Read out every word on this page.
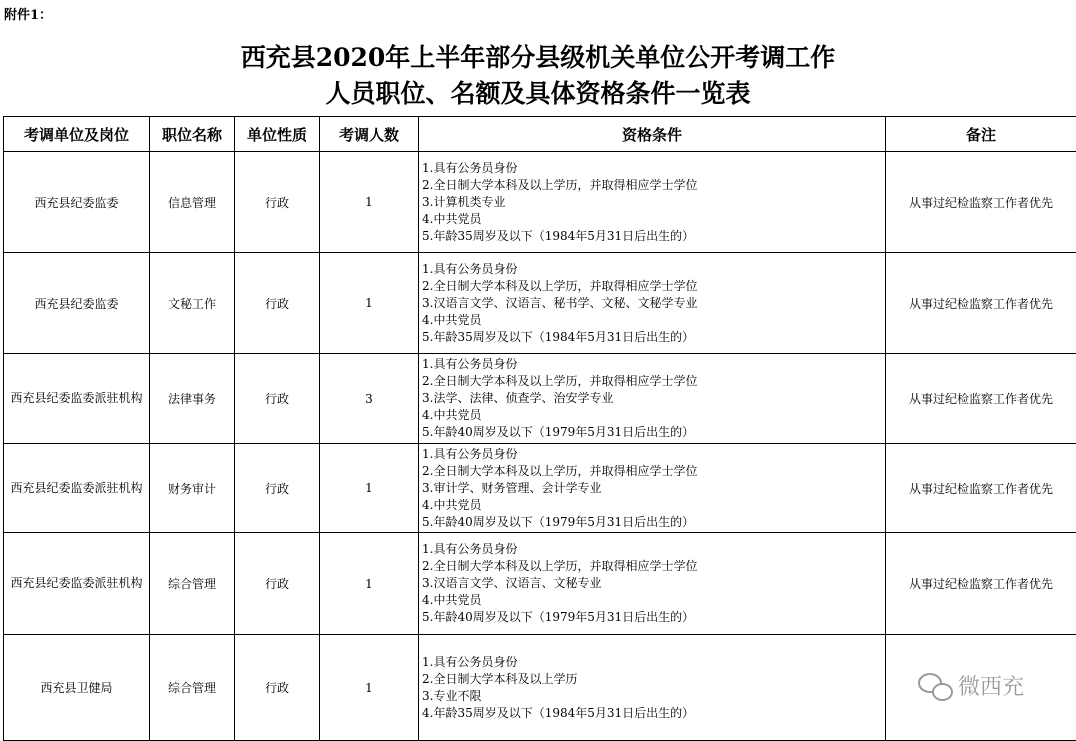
附件1：
西充县2020年上半年部分县级机关单位公开考调工作
人员职位、名额及具体资格条件一览表
考调单位及岗位	职位名称	单位性质	考调人数	资格条件	备注
西充县纪委监委	信息管理	行政	1	1.具有公务员身份
2.全日制大学本科及以上学历，并取得相应学士学位
3.计算机类专业
4.中共党员
5.年龄35周岁及以下（1984年5月31日后出生的）	从事过纪检监察工作者优先
西充县纪委监委	文秘工作	行政	1	1.具有公务员身份
2.全日制大学本科及以上学历，并取得相应学士学位
3.汉语言文学、汉语言、秘书学、文秘、文秘学专业
4.中共党员
5.年龄35周岁及以下（1984年5月31日后出生的）	从事过纪检监察工作者优先
西充县纪委监委派驻机构	法律事务	行政	3	1.具有公务员身份
2.全日制大学本科及以上学历，并取得相应学士学位
3.法学、法律、侦查学、治安学专业
4.中共党员
5.年龄40周岁及以下（1979年5月31日后出生的）	从事过纪检监察工作者优先
西充县纪委监委派驻机构	财务审计	行政	1	1.具有公务员身份
2.全日制大学本科及以上学历，并取得相应学士学位
3.审计学、财务管理、会计学专业
4.中共党员
5.年龄40周岁及以下（1979年5月31日后出生的）	从事过纪检监察工作者优先
西充县纪委监委派驻机构	综合管理	行政	1	1.具有公务员身份
2.全日制大学本科及以上学历，并取得相应学士学位
3.汉语言文学、汉语言、文秘专业
4.中共党员
5.年龄40周岁及以下（1979年5月31日后出生的）	从事过纪检监察工作者优先
西充县卫健局	综合管理	行政	1	1.具有公务员身份
2.全日制大学本科及以上学历
3.专业不限
4.年龄35周岁及以下（1984年5月31日后出生的）	

微西充
